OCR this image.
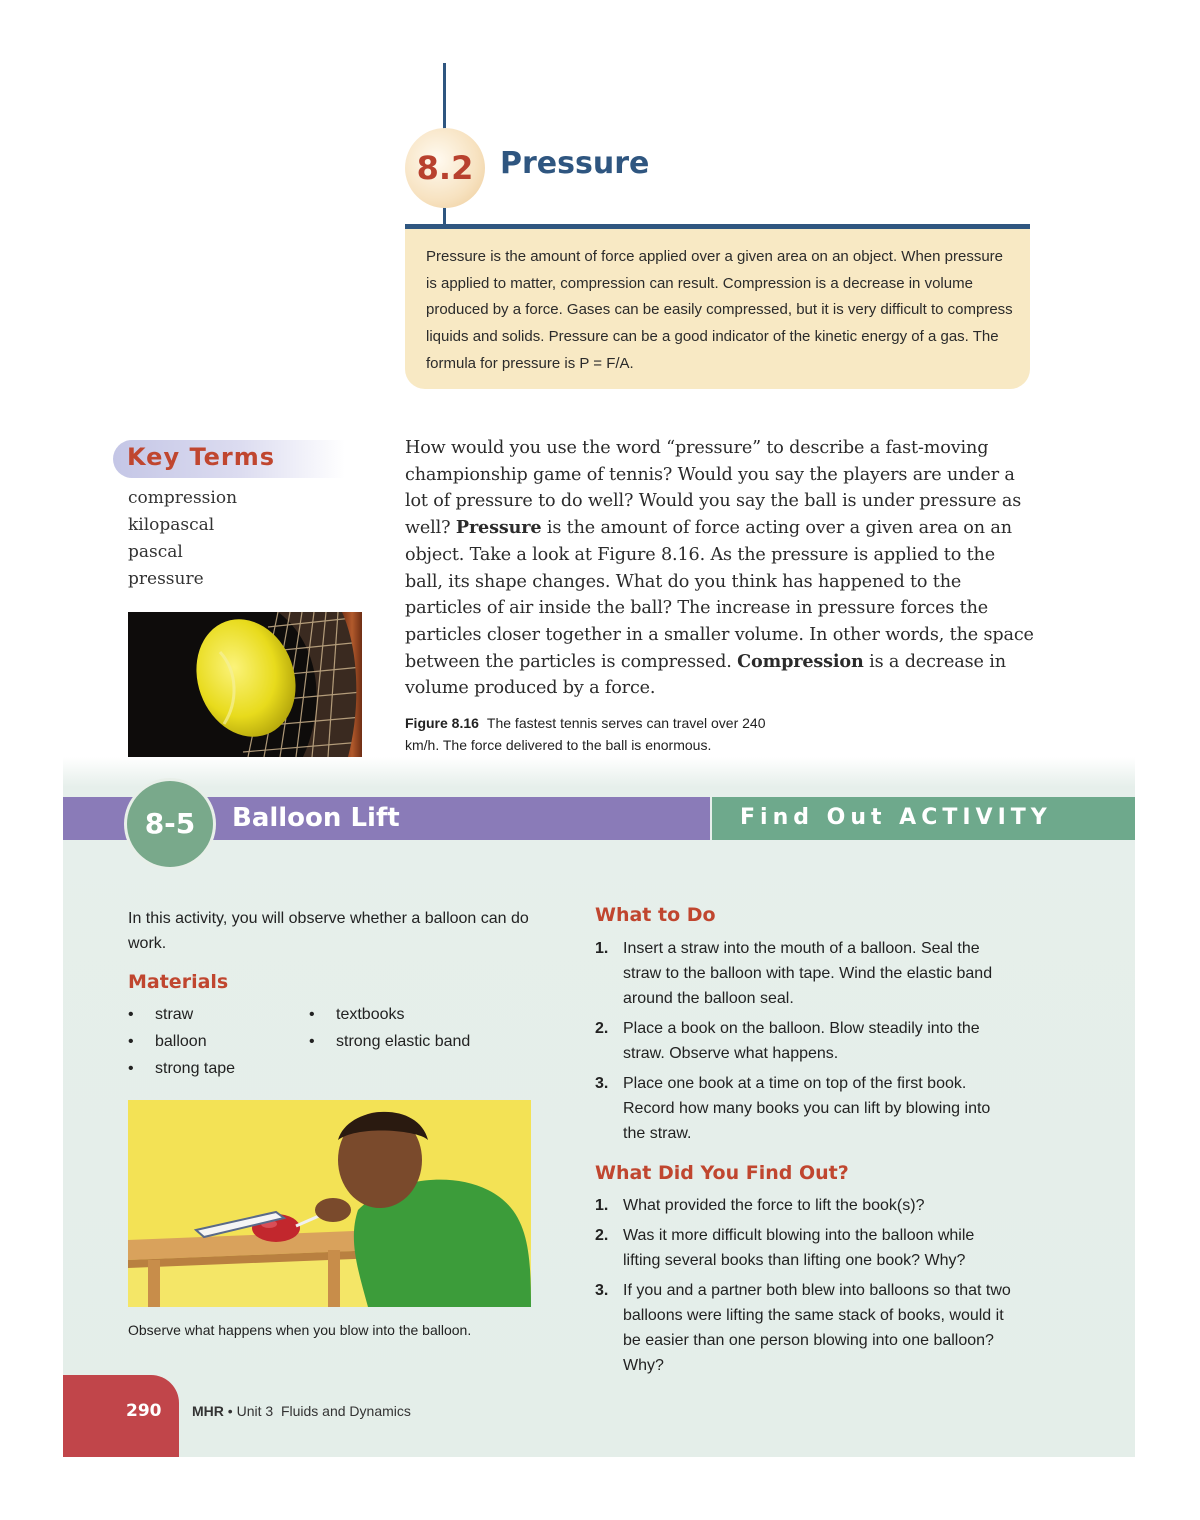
8.2 Pressure
Pressure is the amount of force applied over a given area on an object. When pressure is applied to matter, compression can result. Compression is a decrease in volume produced by a force. Gases can be easily compressed, but it is very difficult to compress liquids and solids. Pressure can be a good indicator of the kinetic energy of a gas. The formula for pressure is P = F/A.
Key Terms
compression
kilopascal
pascal
pressure

How would you use the word “pressure” to describe a fast-moving championship game of tennis? Would you say the players are under a lot of pressure to do well? Would you say the ball is under pressure as well? Pressure is the amount of force acting over a given area on an object. Take a look at Figure 8.16. As the pressure is applied to the ball, its shape changes. What do you think has happened to the particles of air inside the ball? The increase in pressure forces the particles closer together in a smaller volume. In other words, the space between the particles is compressed. Compression is a decrease in volume produced by a force.

Figure 8.16 The fastest tennis serves can travel over 240 km/h. The force delivered to the ball is enormous.
8-5	Balloon Lift	Find Out ACTIVITY
In this activity, you will observe whether a balloon can do work.
Materials
• straw
• balloon
• strong tape
• textbooks
• strong elastic band
Observe what happens when you blow into the balloon.
What to Do
1. Insert a straw into the mouth of a balloon. Seal the straw to the balloon with tape. Wind the elastic band around the balloon seal.
2. Place a book on the balloon. Blow steadily into the straw. Observe what happens.
3. Place one book at a time on top of the first book. Record how many books you can lift by blowing into the straw.
What Did You Find Out?
1. What provided the force to lift the book(s)?
2. Was it more difficult blowing into the balloon while lifting several books than lifting one book? Why?
3. If you and a partner both blew into balloons so that two balloons were lifting the same stack of books, would it be easier than one person blowing into one balloon? Why?
290 MHR • Unit 3 Fluids and Dynamics
